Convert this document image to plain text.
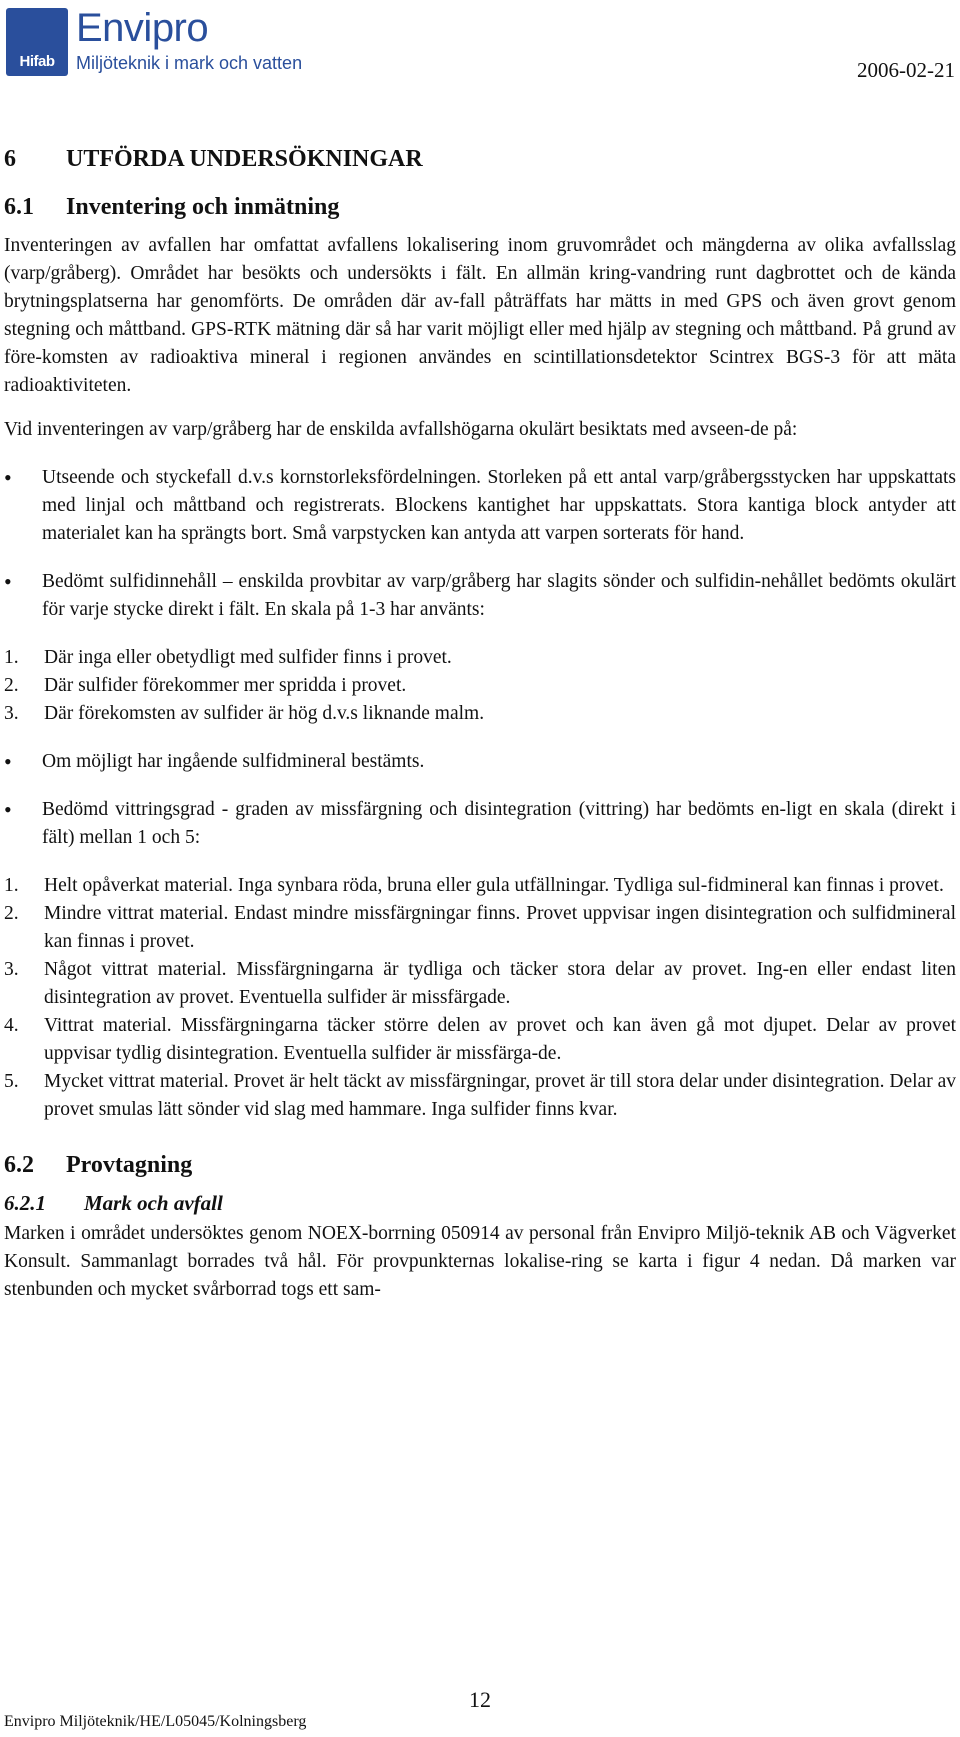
Hifab
Envipro
Miljöteknik i mark och vatten	2006-02-21
6 UTFÖRDA UNDERSÖKNINGAR
6.1 Inventering och inmätning

Inventeringen av avfallen har omfattat avfallens lokalisering inom gruvområdet och mängderna av olika avfallsslag (varp/gråberg). Området har besökts och undersökts i fält. En allmän kring-vandring runt dagbrottet och de kända brytningsplatserna har genomförts. De områden där av-fall påträffats har mätts in med GPS och även grovt genom stegning och måttband. GPS-RTK mätning där så har varit möjligt eller med hjälp av stegning och måttband. På grund av före-komsten av radioaktiva mineral i regionen användes en scintillationsdetektor Scintrex BGS-3 för att mäta radioaktiviteten.

Vid inventeringen av varp/gråberg har de enskilda avfallshögarna okulärt besiktats med avseen-de på:

• Utseende och styckefall d.v.s kornstorleksfördelningen. Storleken på ett antal varp/gråbergsstycken har uppskattats med linjal och måttband och registrerats. Blockens kantighet har uppskattats. Stora kantiga block antyder att materialet kan ha sprängts bort. Små varpstycken kan antyda att varpen sorterats för hand.
• Bedömt sulfidinnehåll – enskilda provbitar av varp/gråberg har slagits sönder och sulfidin-nehållet bedömts okulärt för varje stycke direkt i fält. En skala på 1-3 har använts:
1. Där inga eller obetydligt med sulfider finns i provet.
2. Där sulfider förekommer mer spridda i provet.
3. Där förekomsten av sulfider är hög d.v.s liknande malm.
• Om möjligt har ingående sulfidmineral bestämts.
• Bedömd vittringsgrad - graden av missfärgning och disintegration (vittring) har bedömts en-ligt en skala (direkt i fält) mellan 1 och 5:
1. Helt opåverkat material. Inga synbara röda, bruna eller gula utfällningar. Tydliga sul-fidmineral kan finnas i provet.
2. Mindre vittrat material. Endast mindre missfärgningar finns. Provet uppvisar ingen disintegration och sulfidmineral kan finnas i provet.
3. Något vittrat material. Missfärgningarna är tydliga och täcker stora delar av provet. Ing-en eller endast liten disintegration av provet. Eventuella sulfider är missfärgade.
4. Vittrat material. Missfärgningarna täcker större delen av provet och kan även gå mot djupet. Delar av provet uppvisar tydlig disintegration. Eventuella sulfider är missfärga-de.
5. Mycket vittrat material. Provet är helt täckt av missfärgningar, provet är till stora delar under disintegration. Delar av provet smulas lätt sönder vid slag med hammare. Inga sulfider finns kvar.
6.2 Provtagning
6.2.1 Mark och avfall

Marken i området undersöktes genom NOEX-borrning 050914 av personal från Envipro Miljö-teknik AB och Vägverket Konsult. Sammanlagt borrades två hål. För provpunkternas lokalise-ring se karta i figur 4 nedan. Då marken var stenbunden och mycket svårborrad togs ett sam-

12
Envipro Miljöteknik/HE/L05045/Kolningsberg
